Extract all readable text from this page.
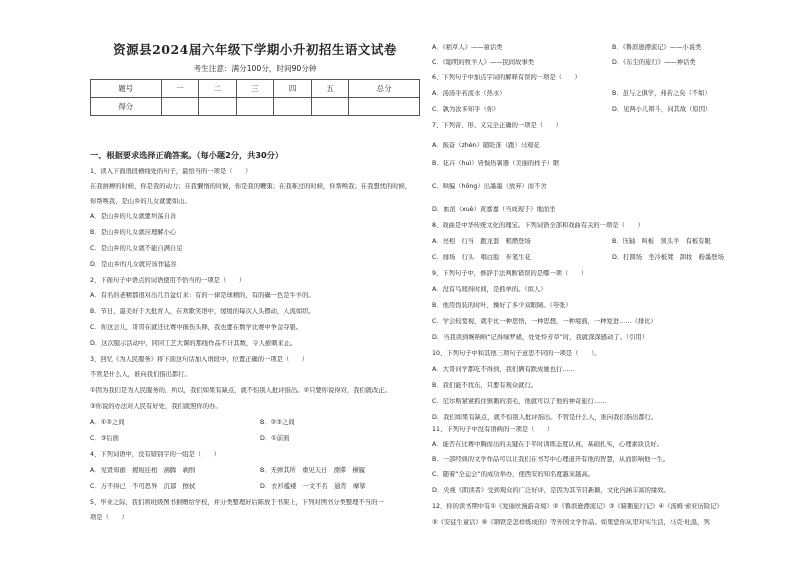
资源县2024届六年级下学期小升初招生语文试卷
考生注意：满分100分，时间90分钟
题号	一	二	三	四	五	总分
得分						
一、根据要求选择正确答案。（每小题2分，共30分）
1、读入下面语段横线处的句子，最恰当的一项是（　　）
在我拼搏的时候，你是我的动力；在我懒惰的时候，你是我的鞭策；在我难过的时候，你帮唤我；在我想忧的时候，
你帮唤我，是山乡的儿女就要如山。
A．是山乡的儿女就要坦荡自善
B．是山乡的儿女就应理解小心
C．是山乡的儿女就不能自满自足
D．是山乡的儿女就应该作猛谷
2、下面句子中语点的词语使用不恰当的一项是（　　）
A．有名的老精都很对出几百盆灯来：有的一律是球精的，有的确一色是牛羊的。
B．节日，最美好于大批育人，在欢歌笑语中，缓缓的每次人头攒动，人流如织。
C．你这会儿，哥哥在就还比赛中损伤头释，我也要在数学比赛中争金夺银。
D．这次服示活动中，同同工艺大课的那线作品不计其数，令人掳刺来止。
3、回忆《为人民服务》将下面这句话加入语段中，位置正确的一项是（　　）
不管是什么人，谁向我们指出都行。
①因为我们是为人民服务的，所以，我们如果有缺点，就不怕别人批评指出。②只要你说得对，我们就改正。
③你说的办法对人民有好处，我们就照你的办。
A．①②之间
C．③后面
4、下列词语中，没有错别字的一组是（　　）
A．见贤知循　揭短挂相　沸腾　剥削
C．万不得已　不可思异　沉郁　擦拭
5、毕业之际，我们将班级图书捐赠给学校，并分类整理好后陈放于书架上，下列对图书分类整理不当的一
项是（　　）
B．②③之间
D．①前面
B．无弹其所　重见天日　漂滞　横履
D．衣衫褴褛　一文不名　通宵　摩挲
A．《稻草人》——童话类
C．《聪明的牧羊人》——民间故事类
6、下列句子中加点字词的解释有误的一项是（　　）
A．汤汤乎若流水（热水）
C．孰为汝多知乎（你）
7、下列音、形、义完全正确的一项是（　　）
A．振奋（zhèn）随眨准（跑）马观花
B．花卉（huì）皆惧热暑器（美丽的样子）眶
C．哄骗（hǒng）出墨墨（放弃）而不舍
D．血浓（xuè）黄嘉嘉（当成现于）地而坐
8、戏曲是中华传统文化的瑰宝。下列词语全部和戏曲有关的一项是（　　）
A．亮相　行当　跑龙套　粗攒登场
C．排场　行头　唱白脸　步笔生花
9、下列句子中，修辞手法判断错误的是哪一项（　　）
A．没有鸟爬得时间，是抓单的。（拟人）
B．他用伪装的时叶，操好了多少双眼睛。（夸张）
C．学会较宽视，就乎比一种思悟，一种思想，一种境面，一种爱进……（排比）
D．当我读到婉吶吶“记得绿罗裙，处处怜芳草”时，我就深深感动了。（引用）
10、下列句子中和其他三项句子意思不同的一项是（　　）。
A．大哥问学都吃不得到，我们俩有跌成她也行……
B．我们能不找东，只要有观众就行。
C．尼尔斯紧紧抓住镇鹅的羽毛，他就可以了他的神奇旅行……
D．我们如果有缺点，就不怕别人批评指出。不管是什么人，谁向我们指出都行。
11、下列句子中没有语病的一项是（　　）
A．能否在比赛中胸而出的关键在于平时训练态度认真，基础扎实，心理素质良好。
B．一部经典的文学作品可以让我们在书写中心理道开有他的智慧，从而影响他一生。
C．随着“全运会”的成功举办，使西安的知名度越来越高。
D．央视《朗读者》受到观众的广泛好评，是因为其节目新颖，文化内涵丰富的缘故。
12、你的读书期中有①《爱丽丝漫游奇境》②《鲁滨逊漂流记》③《骑鹅旅行记》④《汤姆·索亚历险记》
⑤《安徒生童话》⑥《钢铁是怎样炼成的》等外国文学作品。如果您你从里对实生活，马克·吐温，列
B．《鲁滨逊漂流记》——小说类
D．《东尘的旅行》——神话类
B．虽与之俱学，弗若之矣（不如）
D．见两小儿辩斗，问其故（原因）
B．压轴　叫板　领头羊　有板有眼
D．打圆场　坐冷板凳　卸妆　粉墨登场
